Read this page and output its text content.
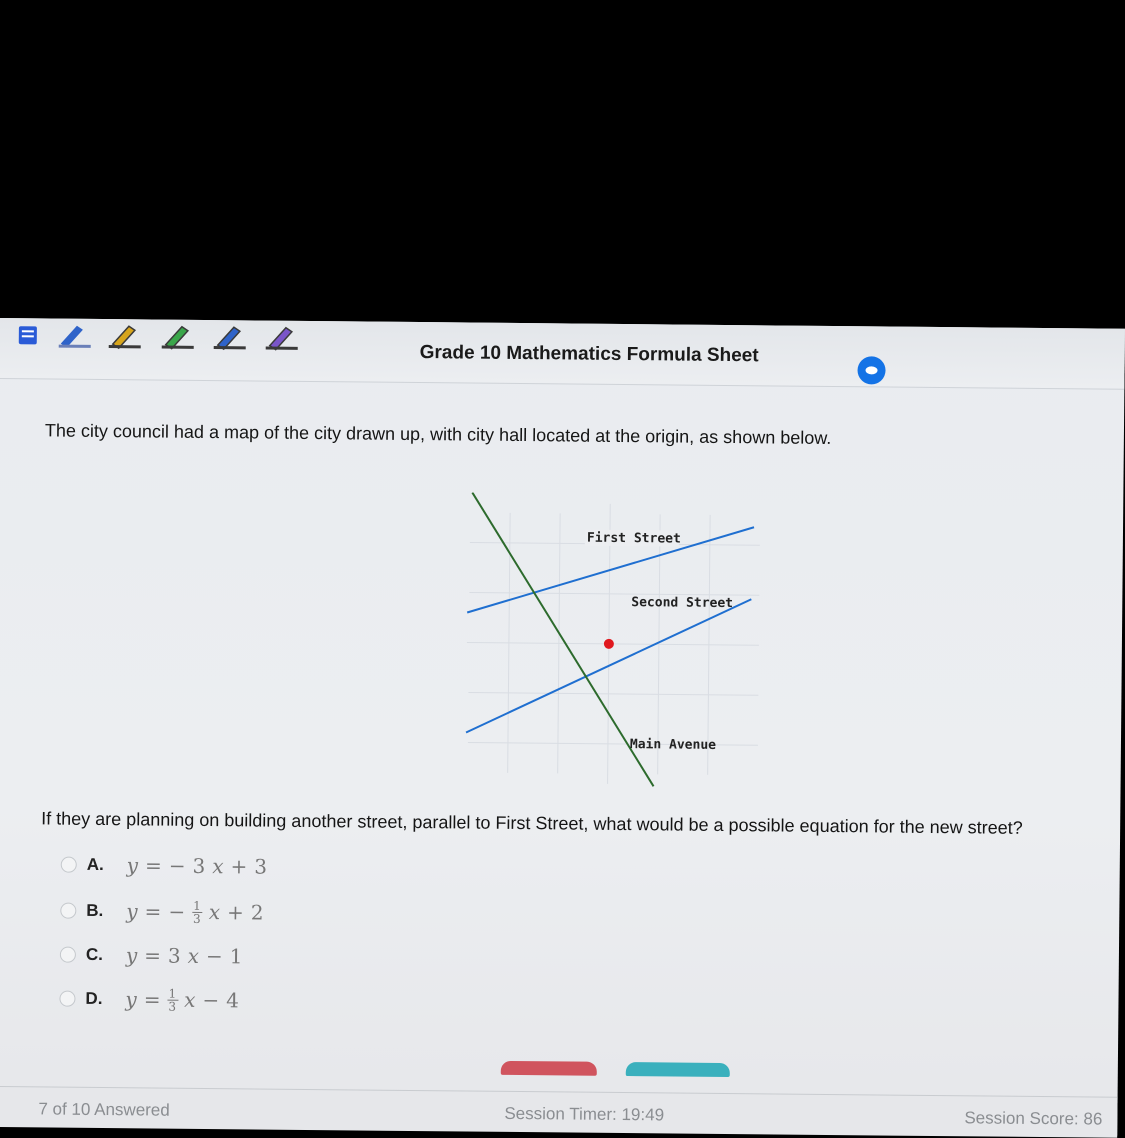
Grade 10 Mathematics Formula Sheet
The city council had a map of the city drawn up, with city hall located at the origin, as shown below.
First Street
Second Street
Main Avenue
If they are planning on building another street, parallel to First Street, what would be a possible equation for the new street?
A.	y = − 3 x + 3
B.	y = − $\frac{1}{3}$ x + 2
C.	y = 3 x − 1
D.	$y = \frac{1}{3}$ x − 4
7 of 10 Answered	Session Timer: 19:49	Session Score: 86
